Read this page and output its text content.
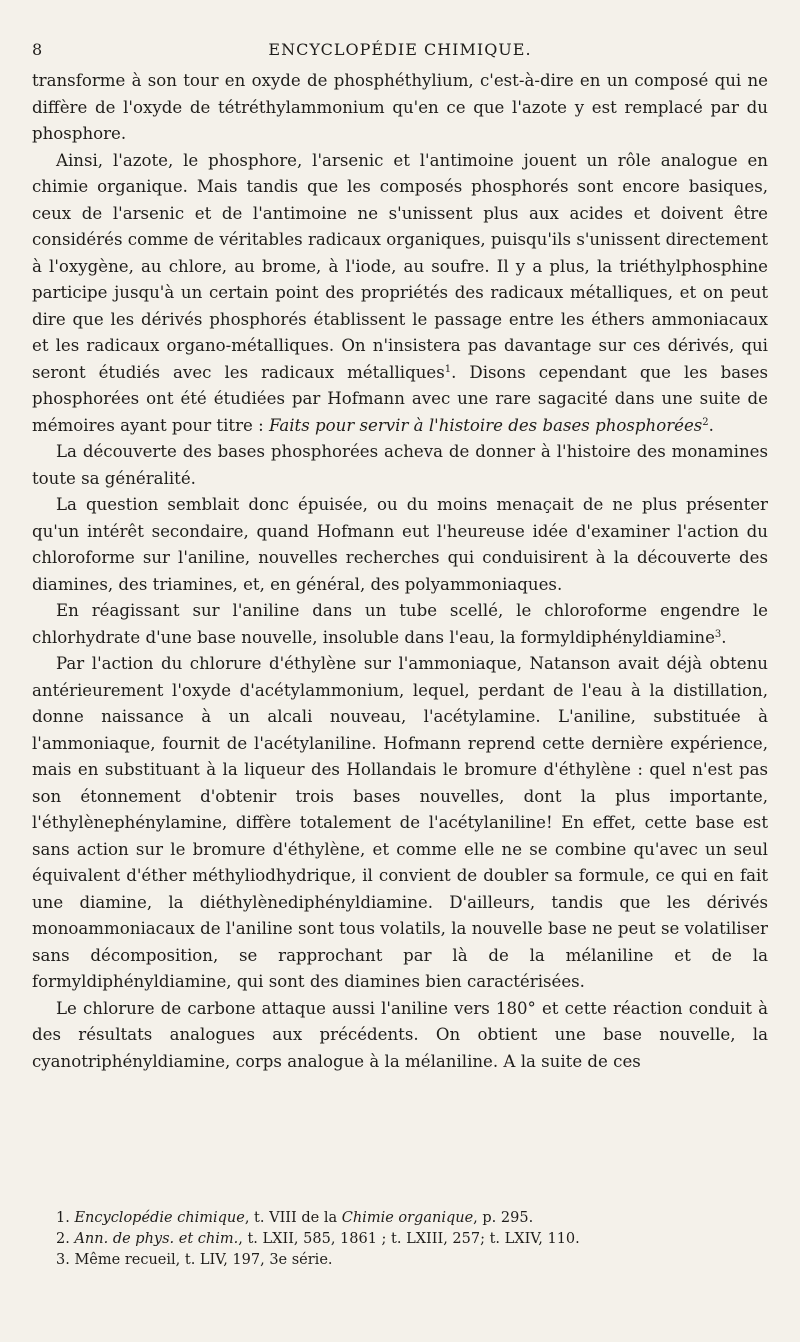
8	ENCYCLOPÉDIE CHIMIQUE.

transforme à son tour en oxyde de phosphéthylium, c'est-à-dire en un composé qui ne diffère de l'oxyde de tétréthylammonium qu'en ce que l'azote y est remplacé par du phosphore.

Ainsi, l'azote, le phosphore, l'arsenic et l'antimoine jouent un rôle analogue en chimie organique. Mais tandis que les composés phosphorés sont encore basiques, ceux de l'arsenic et de l'antimoine ne s'unissent plus aux acides et doivent être considérés comme de véritables radicaux organiques, puisqu'ils s'unissent directement à l'oxygène, au chlore, au brome, à l'iode, au soufre. Il y a plus, la triéthylphosphine participe jusqu'à un certain point des propriétés des radicaux métalliques, et on peut dire que les dérivés phosphorés établissent le passage entre les éthers ammoniacaux et les radicaux organo-métalliques. On n'insistera pas davantage sur ces dérivés, qui seront étudiés avec les radicaux métalliques$^1$. Disons cependant que les bases phosphorées ont été étudiées par Hofmann avec une rare sagacité dans une suite de mémoires ayant pour titre : Faits pour servir à l'histoire des bases phosphorées$^2$.

La découverte des bases phosphorées acheva de donner à l'histoire des monamines toute sa généralité.

La question semblait donc épuisée, ou du moins menaçait de ne plus présenter qu'un intérêt secondaire, quand Hofmann eut l'heureuse idée d'examiner l'action du chloroforme sur l'aniline, nouvelles recherches qui conduisirent à la découverte des diamines, des triamines, et, en général, des polyammoniaques.

En réagissant sur l'aniline dans un tube scellé, le chloroforme engendre le chlorhydrate d'une base nouvelle, insoluble dans l'eau, la formyldiphényldiamine$^3$.

Par l'action du chlorure d'éthylène sur l'ammoniaque, Natanson avait déjà obtenu antérieurement l'oxyde d'acétylammonium, lequel, perdant de l'eau à la distillation, donne naissance à un alcali nouveau, l'acétylamine. L'aniline, substituée à l'ammoniaque, fournit de l'acétylaniline. Hofmann reprend cette dernière expérience, mais en substituant à la liqueur des Hollandais le bromure d'éthylène : quel n'est pas son étonnement d'obtenir trois bases nouvelles, dont la plus importante, l'éthylènephénylamine, diffère totalement de l'acétylaniline! En effet, cette base est sans action sur le bromure d'éthylène, et comme elle ne se combine qu'avec un seul équivalent d'éther méthyliodhydrique, il convient de doubler sa formule, ce qui en fait une diamine, la diéthylènediphényldiamine. D'ailleurs, tandis que les dérivés monoammoniacaux de l'aniline sont tous volatils, la nouvelle base ne peut se volatiliser sans décomposition, se rapprochant par là de la mélaniline et de la formyldiphényldiamine, qui sont des diamines bien caractérisées.

Le chlorure de carbone attaque aussi l'aniline vers 180° et cette réaction conduit à des résultats analogues aux précédents. On obtient une base nouvelle, la cyanotriphényldiamine, corps analogue à la mélaniline. A la suite de ces

1. Encyclopédie chimique, t. VIII de la Chimie organique, p. 295.
2. Ann. de phys. et chim., t. LXII, 585, 1861 ; t. LXIII, 257; t. LXIV, 110.
3. Même recueil, t. LIV, 197, 3e série.
